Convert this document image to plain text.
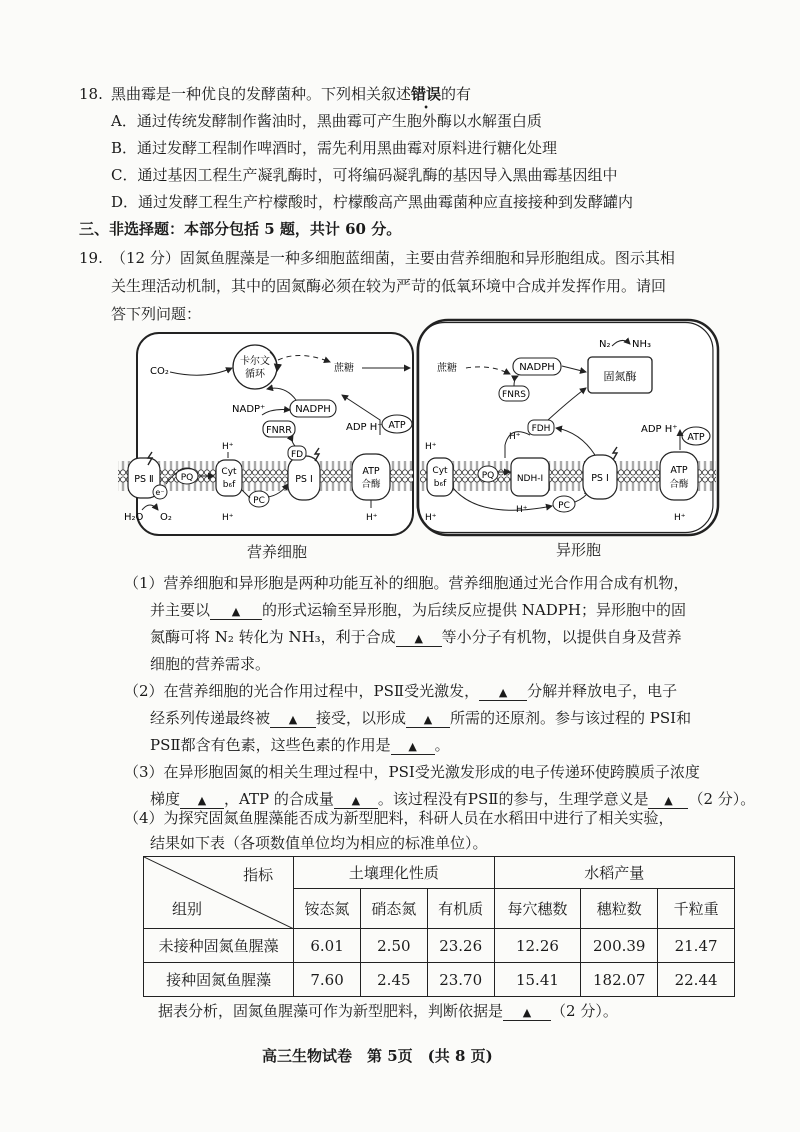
18. 黑曲霉是一种优良的发酵菌种。下列相关叙述错误的有
A．通过传统发酵制作酱油时，黑曲霉可产生胞外酶以水解蛋白质
B．通过发酵工程制作啤酒时，需先利用黑曲霉对原料进行糖化处理
C．通过基因工程生产凝乳酶时，可将编码凝乳酶的基因导入黑曲霉基因组中
D．通过发酵工程生产柠檬酸时，柠檬酸高产黑曲霉菌种应直接接种到发酵罐内
三、非选择题：本部分包括 5 题，共计 60 分。
19. （12 分）固氮鱼腥藻是一种多细胞蓝细菌，主要由营养细胞和异形胞组成。图示其相
关生理活动机制，其中的固氮酶必须在较为严苛的低氧环境中合成并发挥作用。请回
答下列问题：
CO₂
卡尔文
循环
蔗糖
NADP⁺	NADPH
FNRR	ADP H⁺ ATP
H⁺
PS Ⅱ
e⁻
PQ
Cyt
b₆f
PC
PS Ⅰ
FD
ATP
合酶
H₂O O₂	H⁺	H⁺
蔗糖
N₂ NH₃
NADPH
固氮酶
FNRS
FDH
H⁺
H⁺
ADP H⁺
ATP
Cyt
b₆f
PQ	NDH-Ⅰ
PC
PS Ⅰ
ATP
合酶
H⁺
H⁺
H⁺
营养细胞	异形胞
（1）营养细胞和异形胞是两种功能互补的细胞。营养细胞通过光合作用合成有机物，
并主要以 ▲ 的形式运输至异形胞，为后续反应提供 NADPH；异形胞中的固
氮酶可将 N₂ 转化为 NH₃，利于合成 ▲ 等小分子有机物，以提供自身及营养
细胞的营养需求。
（2）在营养细胞的光合作用过程中，PSⅡ受光激发， ▲ 分解并释放电子，电子
经系列传递最终被 ▲ 接受，以形成 ▲ 所需的还原剂。参与该过程的 PSⅠ和
PSⅡ都含有色素，这些色素的作用是 ▲ 。
（3）在异形胞固氮的相关生理过程中，PSⅠ受光激发形成的电子传递环使跨膜质子浓度
梯度 ▲ ，ATP 的合成量 ▲ 。该过程没有PSⅡ的参与，生理学意义是 ▲ （2 分）。
（4）为探究固氮鱼腥藻能否成为新型肥料，科研人员在水稻田中进行了相关实验，
结果如下表（各项数值单位均为相应的标准单位）。
指标
组别	土壤理化性质			水稻产量		
	铵态氮	硝态氮	有机质	每穴穗数	穗粒数	千粒重
未接种固氮鱼腥藻	6.01	2.50	23.26	12.26	200.39	21.47
接种固氮鱼腥藻	7.60	2.45	23.70	15.41	182.07	22.44
据表分析，固氮鱼腥藻可作为新型肥料，判断依据是 ▲ （2 分）。
高三生物试卷　第 5页　(共 8 页)
